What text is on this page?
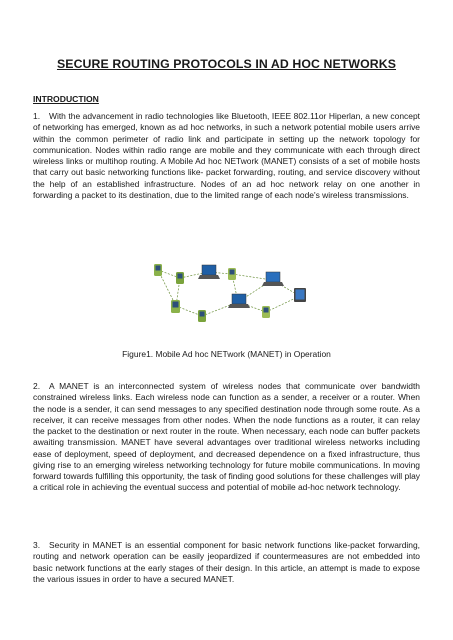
SECURE ROUTING PROTOCOLS IN AD HOC NETWORKS
INTRODUCTION

1. With the advancement in radio technologies like Bluetooth, IEEE 802.11or Hiperlan, a new concept of networking has emerged, known as ad hoc networks, in such a network potential mobile users arrive within the common perimeter of radio link and participate in setting up the network topology for communication. Nodes within radio range are mobile and they communicate with each through direct wireless links or multihop routing. A Mobile Ad hoc NETwork (MANET) consists of a set of mobile hosts that carry out basic networking functions like- packet forwarding, routing, and service discovery without the help of an established infrastructure. Nodes of an ad hoc network relay on one another in forwarding a packet to its destination, due to the limited range of each node's wireless transmissions.

Figure1. Mobile Ad hoc NETwork (MANET) in Operation

2. A MANET is an interconnected system of wireless nodes that communicate over bandwidth constrained wireless links. Each wireless node can function as a sender, a receiver or a router. When the node is a sender, it can send messages to any specified destination node through some route. As a receiver, it can receive messages from other nodes. When the node functions as a router, it can relay the packet to the destination or next router in the route. When necessary, each node can buffer packets awaiting transmission. MANET have several advantages over traditional wireless networks including ease of deployment, speed of deployment, and decreased dependence on a fixed infrastructure, thus giving rise to an emerging wireless networking technology for future mobile communications. In moving forward towards fulfilling this opportunity, the task of finding good solutions for these challenges will play a critical role in achieving the eventual success and potential of mobile ad-hoc network technology.

3. Security in MANET is an essential component for basic network functions like-packet forwarding, routing and network operation can be easily jeopardized if countermeasures are not embedded into basic network functions at the early stages of their design. In this article, an attempt is made to expose the various issues in order to have a secured MANET.
